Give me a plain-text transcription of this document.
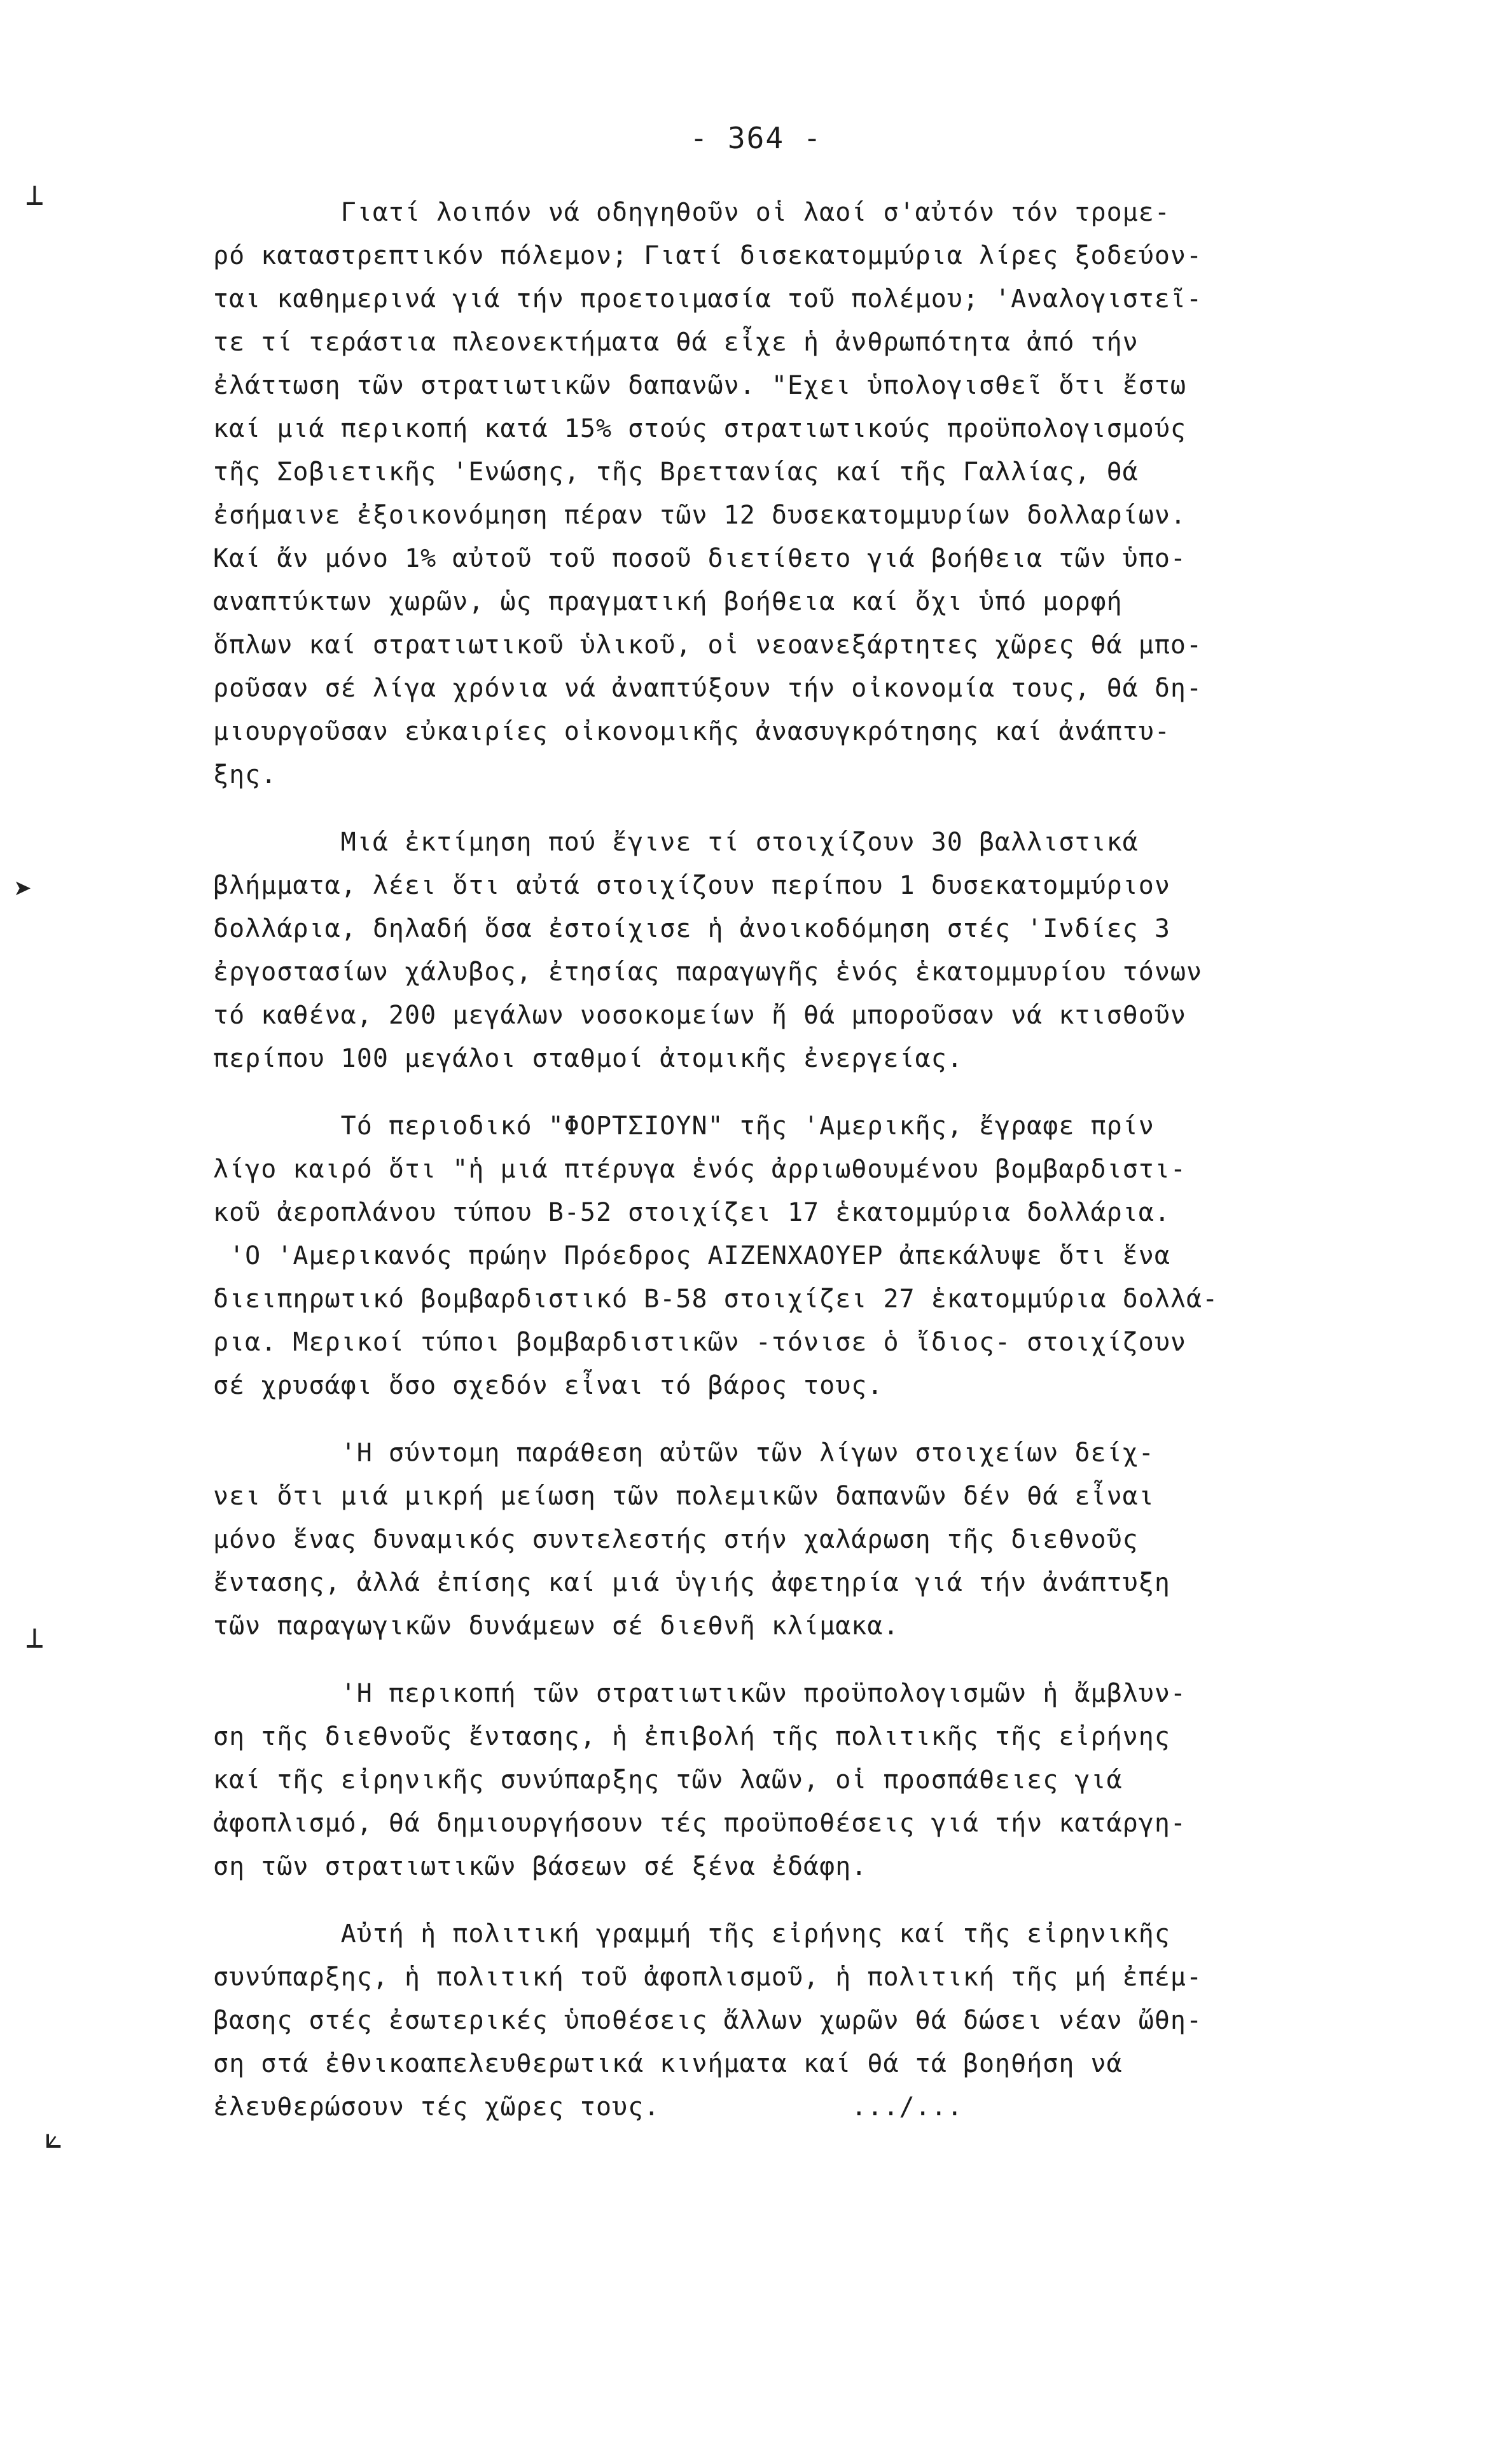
- 364 -
⊥
➤
⊥
⟀
Γιατί λοιπόν νά οδηγηθοῦν οἱ λαοί σ'αὐτόν τόν τρομε-
ρό καταστρεπτικόν πόλεμον; Γιατί δισεκατομμύρια λίρες ξοδεύον-
ται καθημερινά γιά τήν προετοιμασία τοῦ πολέμου; 'Αναλογιστεῖ-
τε τί τεράστια πλεονεκτήματα θά εἶχε ἡ ἀνθρωπότητα ἀπό τήν
ἐλάττωση τῶν στρατιωτικῶν δαπανῶν. "Εχει ὑπολογισθεῖ ὅτι ἔστω
καί μιά περικοπή κατά 15% στούς στρατιωτικούς προϋπολογισμούς
τῆς Σοβιετικῆς 'Ενώσης, τῆς Βρεττανίας καί τῆς Γαλλίας, θά
ἐσήμαινε ἐξοικονόμηση πέραν τῶν 12 δυσεκατομμυρίων δολλαρίων.
Καί ἄν μόνο 1% αὐτοῦ τοῦ ποσοῦ διετίθετο γιά βοήθεια τῶν ὑπο-
αναπτύκτων χωρῶν, ὡς πραγματική βοήθεια καί ὄχι ὑπό μορφή
ὅπλων καί στρατιωτικοῦ ὑλικοῦ, οἱ νεοανεξάρτητες χῶρες θά μπο-
ροῦσαν σέ λίγα χρόνια νά ἀναπτύξουν τήν οἰκονομία τους, θά δη-
μιουργοῦσαν εὐκαιρίες οἰκονομικῆς ἀνασυγκρότησης καί ἀνάπτυ-
ξης.
Μιά ἐκτίμηση πού ἔγινε τί στοιχίζουν 30 βαλλιστικά
βλήμματα, λέει ὅτι αὐτά στοιχίζουν περίπου 1 δυσεκατομμύριον
δολλάρια, δηλαδή ὅσα ἐστοίχισε ἡ ἀνοικοδόμηση στές 'Ινδίες 3
ἐργοστασίων χάλυβος, ἐτησίας παραγωγῆς ἑνός ἑκατομμυρίου τόνων
τό καθένα, 200 μεγάλων νοσοκομείων ἤ θά μποροῦσαν νά κτισθοῦν
περίπου 100 μεγάλοι σταθμοί ἀτομικῆς ἐνεργείας.
Τό περιοδικό "ΦΟΡΤΣΙΟΥΝ" τῆς 'Αμερικῆς, ἔγραφε πρίν
λίγο καιρό ὅτι "ἡ μιά πτέρυγα ἑνός ἀρριωθουμένου βομβαρδιστι-
κοῦ ἀεροπλάνου τύπου Β-52 στοιχίζει 17 ἑκατομμύρια δολλάρια.
'Ο 'Αμερικανός πρώην Πρόεδρος ΑΙΖΕΝΧΑΟΥΕΡ ἀπεκάλυψε ὅτι ἕνα
διειπηρωτικό βομβαρδιστικό Β-58 στοιχίζει 27 ἑκατομμύρια δολλά-
ρια. Μερικοί τύποι βομβαρδιστικῶν -τόνισε ὁ ἴδιος- στοιχίζουν
σέ χρυσάφι ὅσο σχεδόν εἶναι τό βάρος τους.
'Η σύντομη παράθεση αὐτῶν τῶν λίγων στοιχείων δείχ-
νει ὅτι μιά μικρή μείωση τῶν πολεμικῶν δαπανῶν δέν θά εἶναι
μόνο ἕνας δυναμικός συντελεστής στήν χαλάρωση τῆς διεθνοῦς
ἔντασης, ἀλλά ἐπίσης καί μιά ὑγιής ἀφετηρία γιά τήν ἀνάπτυξη
τῶν παραγωγικῶν δυνάμεων σέ διεθνῆ κλίμακα.
'Η περικοπή τῶν στρατιωτικῶν προϋπολογισμῶν ἡ ἄμβλυν-
ση τῆς διεθνοῦς ἔντασης, ἡ ἐπιβολή τῆς πολιτικῆς τῆς εἰρήνης
καί τῆς εἰρηνικῆς συνύπαρξης τῶν λαῶν, οἱ προσπάθειες γιά
ἀφοπλισμό, θά δημιουργήσουν τές προϋποθέσεις γιά τήν κατάργη-
ση τῶν στρατιωτικῶν βάσεων σέ ξένα ἐδάφη.
Αὐτή ἡ πολιτική γραμμή τῆς εἰρήνης καί τῆς εἰρηνικῆς
συνύπαρξης, ἡ πολιτική τοῦ ἀφοπλισμοῦ, ἡ πολιτική τῆς μή ἐπέμ-
βασης στές ἐσωτερικές ὑποθέσεις ἄλλων χωρῶν θά δώσει νέαν ὤθη-
ση στά ἐθνικοαπελευθερωτικά κινήματα καί θά τά βοηθήση νά
ἐλευθερώσουν τές χῶρες τους.            .../...
